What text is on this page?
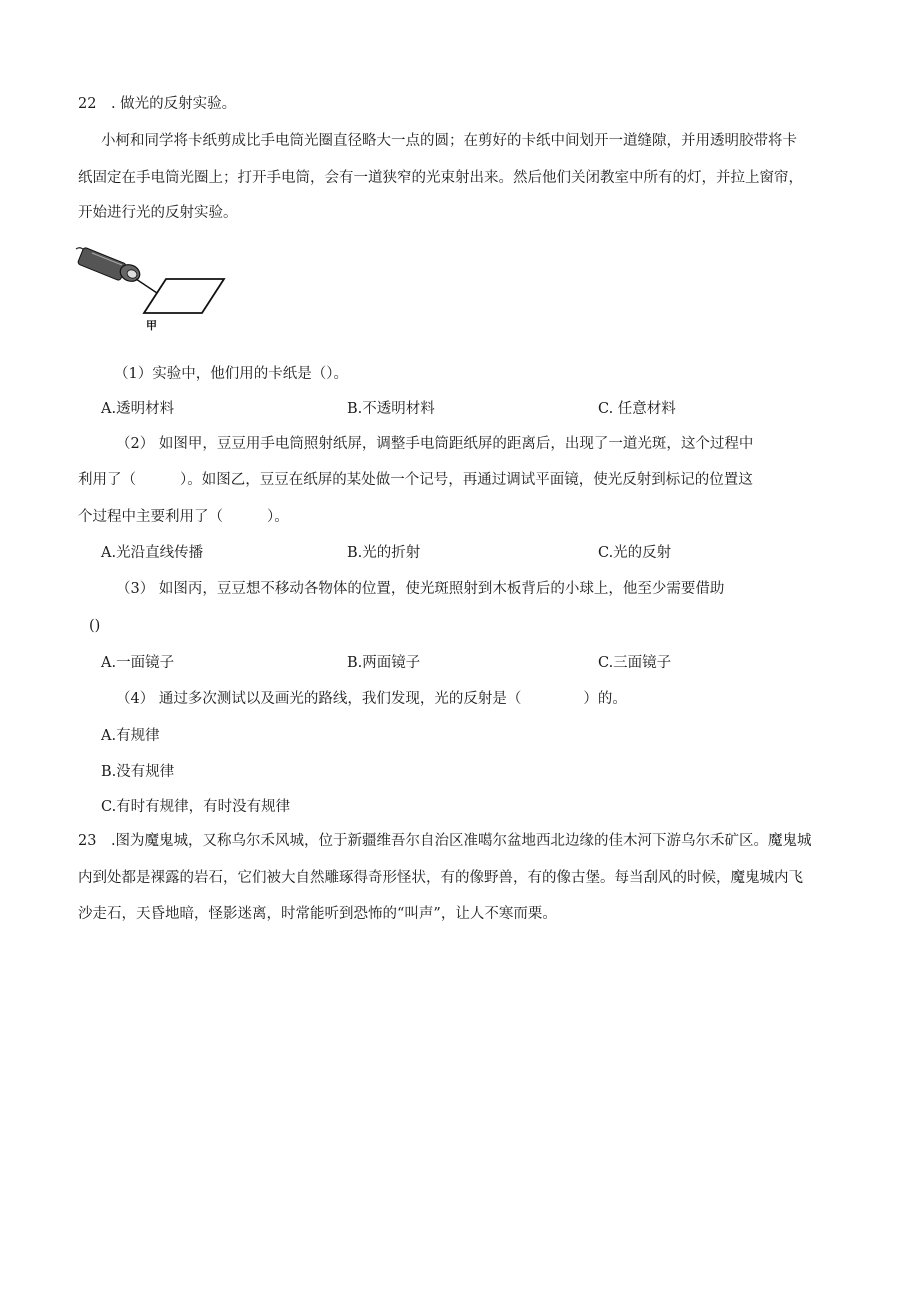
22　. 做光的反射实验。
小柯和同学将卡纸剪成比手电筒光圈直径略大一点的圆；在剪好的卡纸中间划开一道缝隙，并用透明胶带将卡
纸固定在手电筒光圈上；打开手电筒，会有一道狭窄的光束射出来。然后他们关闭教室中所有的灯，并拉上窗帘，
开始进行光的反射实验。
甲
（1）实验中，他们用的卡纸是（）。
A.透明材料	B.不透明材料	C. 任意材料
（2） 如图甲，豆豆用手电筒照射纸屏，调整手电筒距纸屏的距离后，出现了一道光斑，这个过程中
利用了（	）。如图乙，豆豆在纸屏的某处做一个记号，再通过调试平面镜，使光反射到标记的位置这
个过程中主要利用了（	）。
A.光沿直线传播	B.光的折射	C.光的反射
（3） 如图丙，豆豆想不移动各物体的位置，使光斑照射到木板背后的小球上，他至少需要借助
()
A.一面镜子	B.两面镜子	C.三面镜子
（4） 通过多次测试以及画光的路线，我们发现，光的反射是（	）的。
A.有规律
B.没有规律
C.有时有规律，有时没有规律
23　.图为魔鬼城，又称乌尔禾风城，位于新疆维吾尔自治区准噶尔盆地西北边缘的佳木河下游乌尔禾矿区。魔鬼城
内到处都是裸露的岩石，它们被大自然雕琢得奇形怪状，有的像野兽，有的像古堡。每当刮风的时候，魔鬼城内飞
沙走石，天昏地暗，怪影迷离，时常能听到恐怖的“叫声”，让人不寒而栗。
